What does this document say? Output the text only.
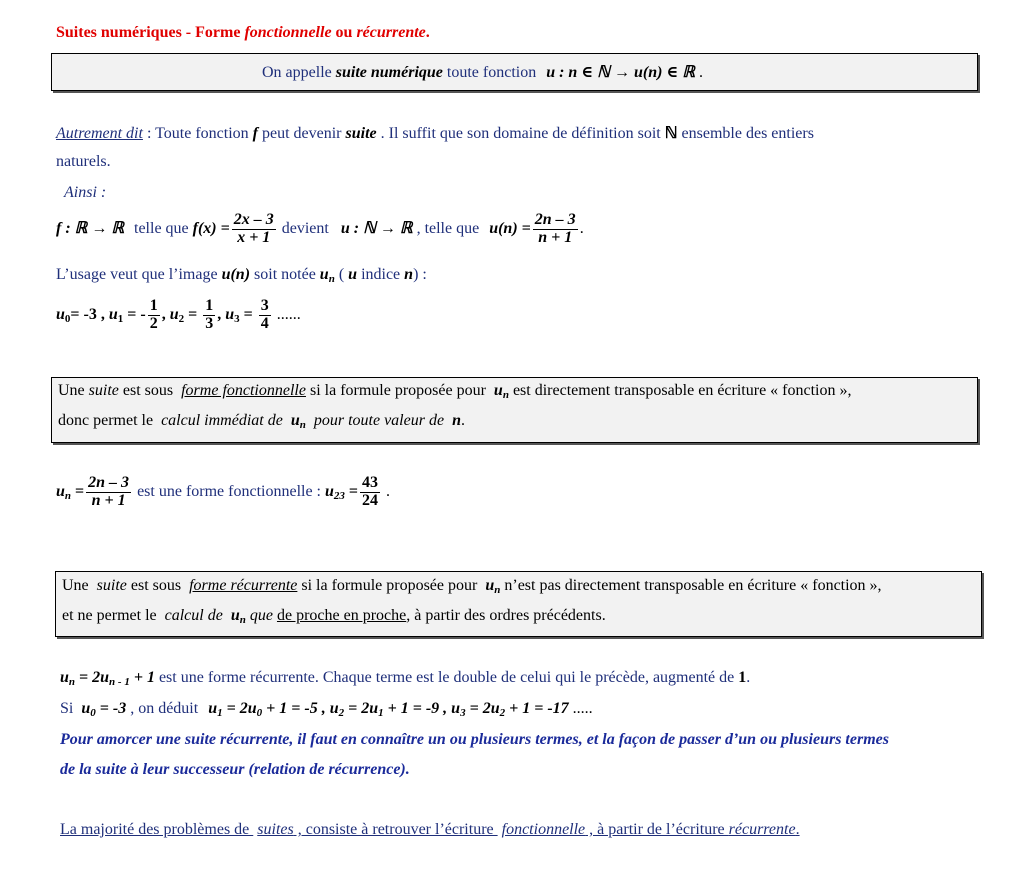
Suites numériques - Forme fonctionnelle ou récurrente.
On appelle suite numérique toute fonction u : n ∈ ℕ → u(n) ∈ ℝ .
Autrement dit : Toute fonction f peut devenir suite . Il suffit que son domaine de définition soit ℕ ensemble des entiers
naturels.
Ainsi :
f : ℝ → ℝ telle que $f(x) = \frac{2x - 3}{x + 1}$ devient u : ℕ → ℝ , telle que $u(n) = \frac{2n - 3}{n + 1}$ .
L’usage veut que l’image u(n) soit notée $u_n$ ( u indice n) :
$u_0= -3$ , $u_1$ = - $\frac{1}{2}$ , $u_2 = \frac{1}{3}$ , $u_3 = \frac{3}{4}$ ......
Une suite est sous forme fonctionnelle si la formule proposée pour $u_n$ est directement transposable en écriture « fonction »,
donc permet le calcul immédiat de $u_n$ pour toute valeur de n.
$u_n = \frac{2n - 3}{n + 1}$ est une forme fonctionnelle : $u_{23} = \frac{43}{24}$ .
Une suite est sous forme récurrente si la formule proposée pour $u_n$ n’est pas directement transposable en écriture « fonction »,
et ne permet le calcul de $u_n$ que de proche en proche, à partir des ordres précédents.
$u_n = 2u_{n - 1} + 1$ est une forme récurrente. Chaque terme est le double de celui qui le précède, augmenté de 1.
Si $u_0 = -3$ , on déduit $u_1 = 2u_0 + 1 = -5$ , $u_2 = 2u_1 + 1 = -9$ , $u_3 = 2u_2 + 1 = -17$ .....
Pour amorcer une suite récurrente, il faut en connaître un ou plusieurs termes, et la façon de passer d’un ou plusieurs termes
de la suite à leur successeur (relation de récurrence).
La majorité des problèmes de suites , consiste à retrouver l’écriture fonctionnelle , à partir de l’écriture récurrente.
